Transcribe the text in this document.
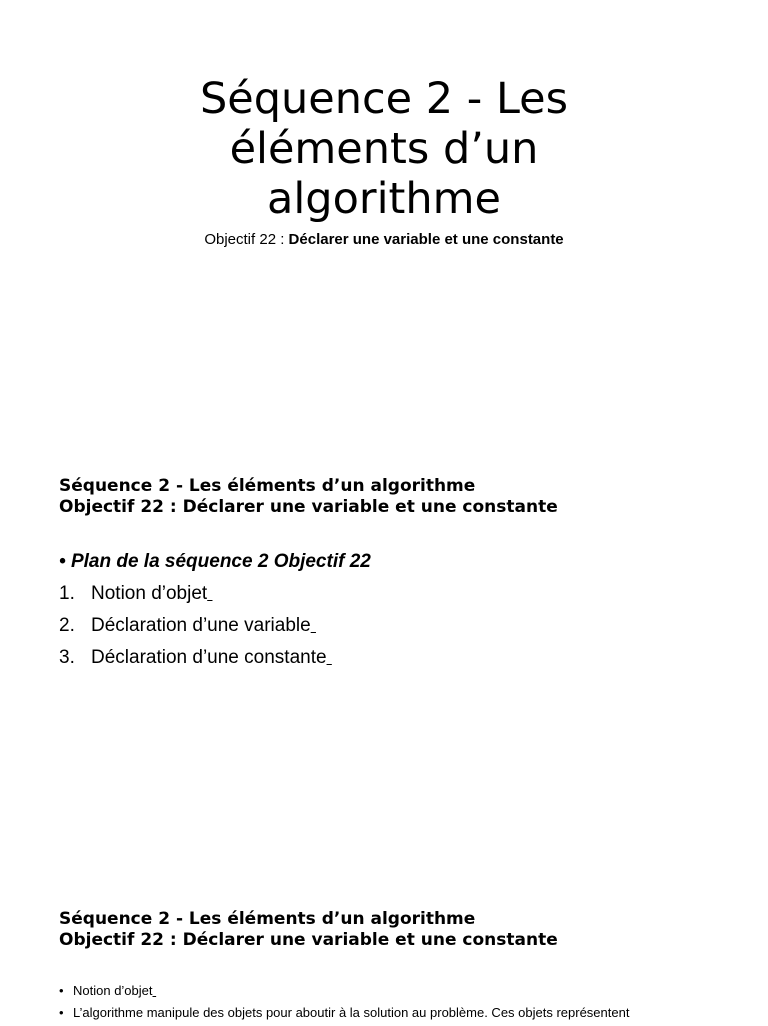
Séquence 2 - Les
éléments d’un
algorithme
Objectif 22 : Déclarer une variable et une constante
Séquence 2 - Les éléments d’un algorithme
Objectif 22 : Déclarer une variable et une constante
• Plan de la séquence 2 Objectif 22
1. Notion d’objet

2. Déclaration d’une variable

3. Déclaration d’une constante

Séquence 2 - Les éléments d’un algorithme
Objectif 22 : Déclarer une variable et une constante
• Notion d’objet

• L’algorithme manipule des objets pour aboutir à la solution au problème. Ces objets représentent
